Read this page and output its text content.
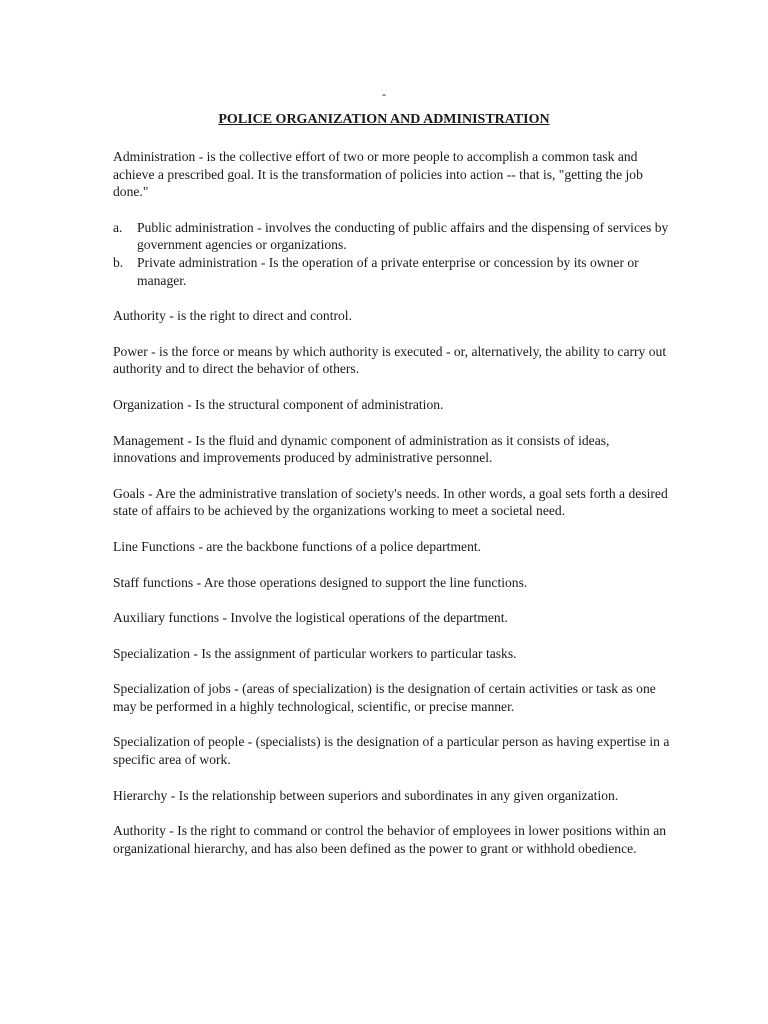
-
POLICE ORGANIZATION AND ADMINISTRATION

Administration - is the collective effort of two or more people to accomplish a common task and achieve a prescribed goal. It is the transformation of policies into action -- that is, "getting the job done."

a. Public administration - involves the conducting of public affairs and the dispensing of services by government agencies or organizations.
b. Private administration - Is the operation of a private enterprise or concession by its owner or manager.

Authority - is the right to direct and control.

Power - is the force or means by which authority is executed - or, alternatively, the ability to carry out authority and to direct the behavior of others.

Organization - Is the structural component of administration.

Management - Is the fluid and dynamic component of administration as it consists of ideas, innovations and improvements produced by administrative personnel.

Goals - Are the administrative translation of society's needs. In other words, a goal sets forth a desired state of affairs to be achieved by the organizations working to meet a societal need.

Line Functions - are the backbone functions of a police department.

Staff functions - Are those operations designed to support the line functions.

Auxiliary functions - Involve the logistical operations of the department.

Specialization - Is the assignment of particular workers to particular tasks.

Specialization of jobs - (areas of specialization) is the designation of certain activities or task as one may be performed in a highly technological, scientific, or precise manner.

Specialization of people - (specialists) is the designation of a particular person as having expertise in a specific area of work.

Hierarchy - Is the relationship between superiors and subordinates in any given organization.

Authority - Is the right to command or control the behavior of employees in lower positions within an organizational hierarchy, and has also been defined as the power to grant or withhold obedience.
